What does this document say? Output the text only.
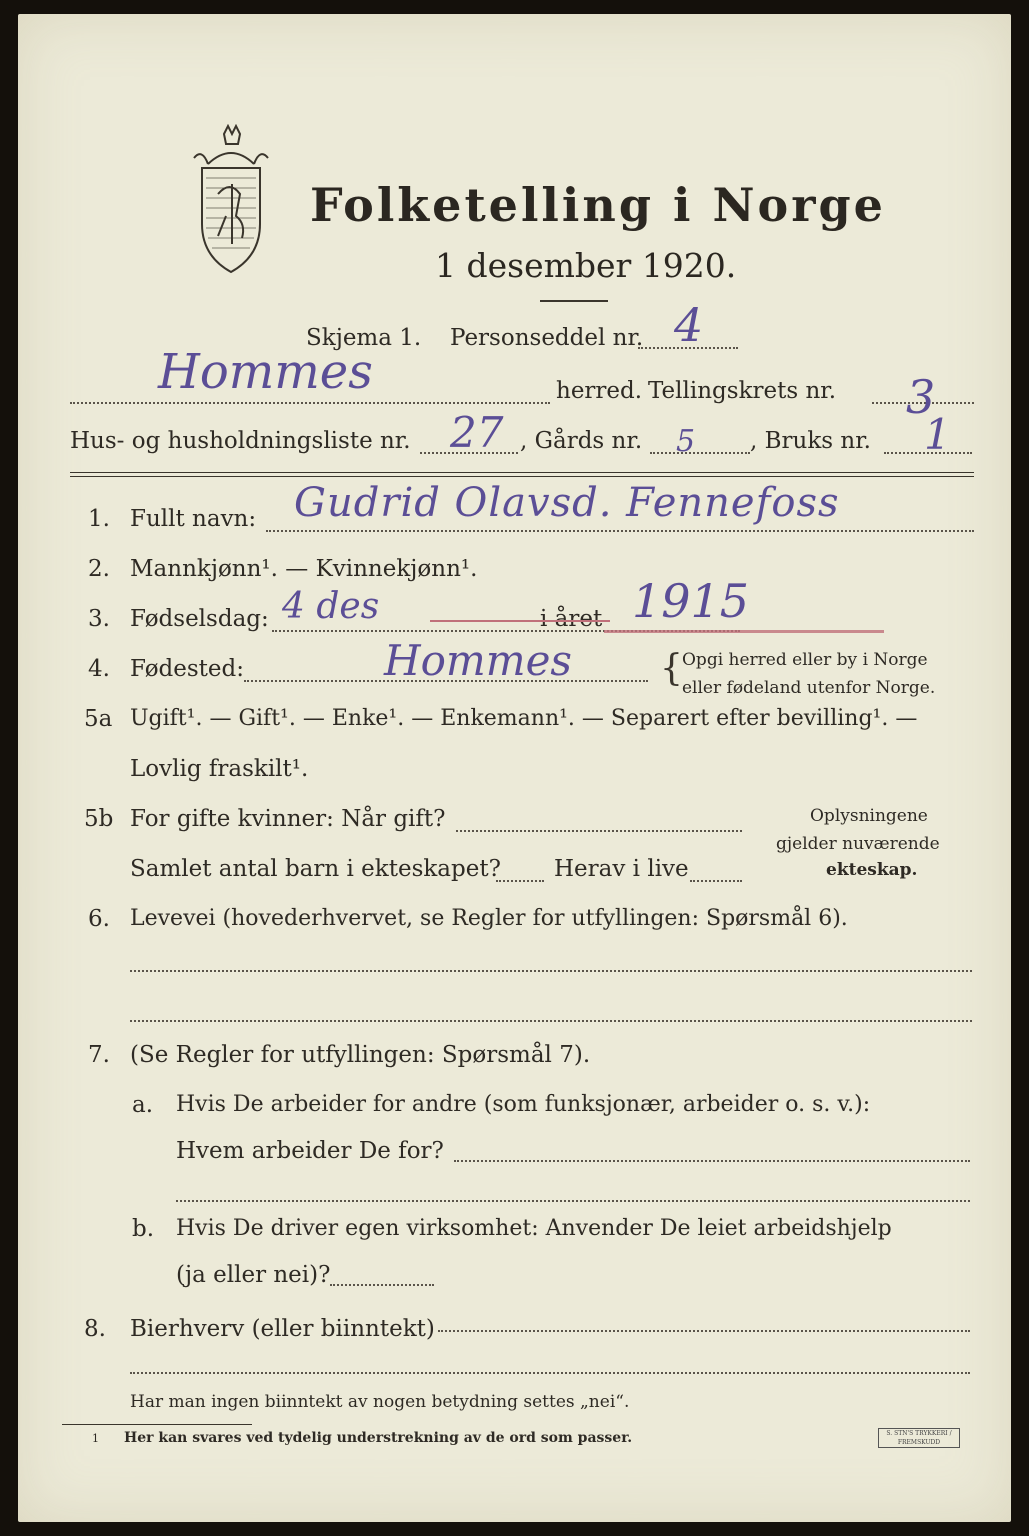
Folketelling i Norge
1 desember 1920.
Skjema 1. Personseddel nr. 4
Hommes	herred. Tellingskrets nr. 3
Hus- og husholdningsliste nr. 27 , Gårds nr. 5 , Bruks nr. 1
1. Fullt navn: Gudrid Olavsd. Fennefoss
2. Mannkjønn¹. — Kvinnekjønn¹.
3. Fødselsdag: 4 des	i året 1915
4. Fødested:	Hommes { Opgi herred eller by i Norge
eller fødeland utenfor Norge.
5a Ugift¹. — Gift¹. — Enke¹. — Enkemann¹. — Separert efter bevilling¹. —
Lovlig fraskilt¹.
5b For gifte kvinner: Når gift?
Samlet antal barn i ekteskapet? Herav i live
Oplysningene
gjelder nuværende
ekteskap.
6. Levevei (hovederhvervet, se Regler for utfyllingen: Spørsmål 6).
7. (Se Regler for utfyllingen: Spørsmål 7).
a. Hvis De arbeider for andre (som funksjonær, arbeider o. s. v.):
Hvem arbeider De for?
b. Hvis De driver egen virksomhet: Anvender De leiet arbeidshjelp
(ja eller nei)?
8. Bierhverv (eller biinntekt)
Har man ingen biinntekt av nogen betydning settes „nei“.
1 Her kan svares ved tydelig understrekning av de ord som passer.	S. STN'S TRYKKERI / FREMSKUDD
